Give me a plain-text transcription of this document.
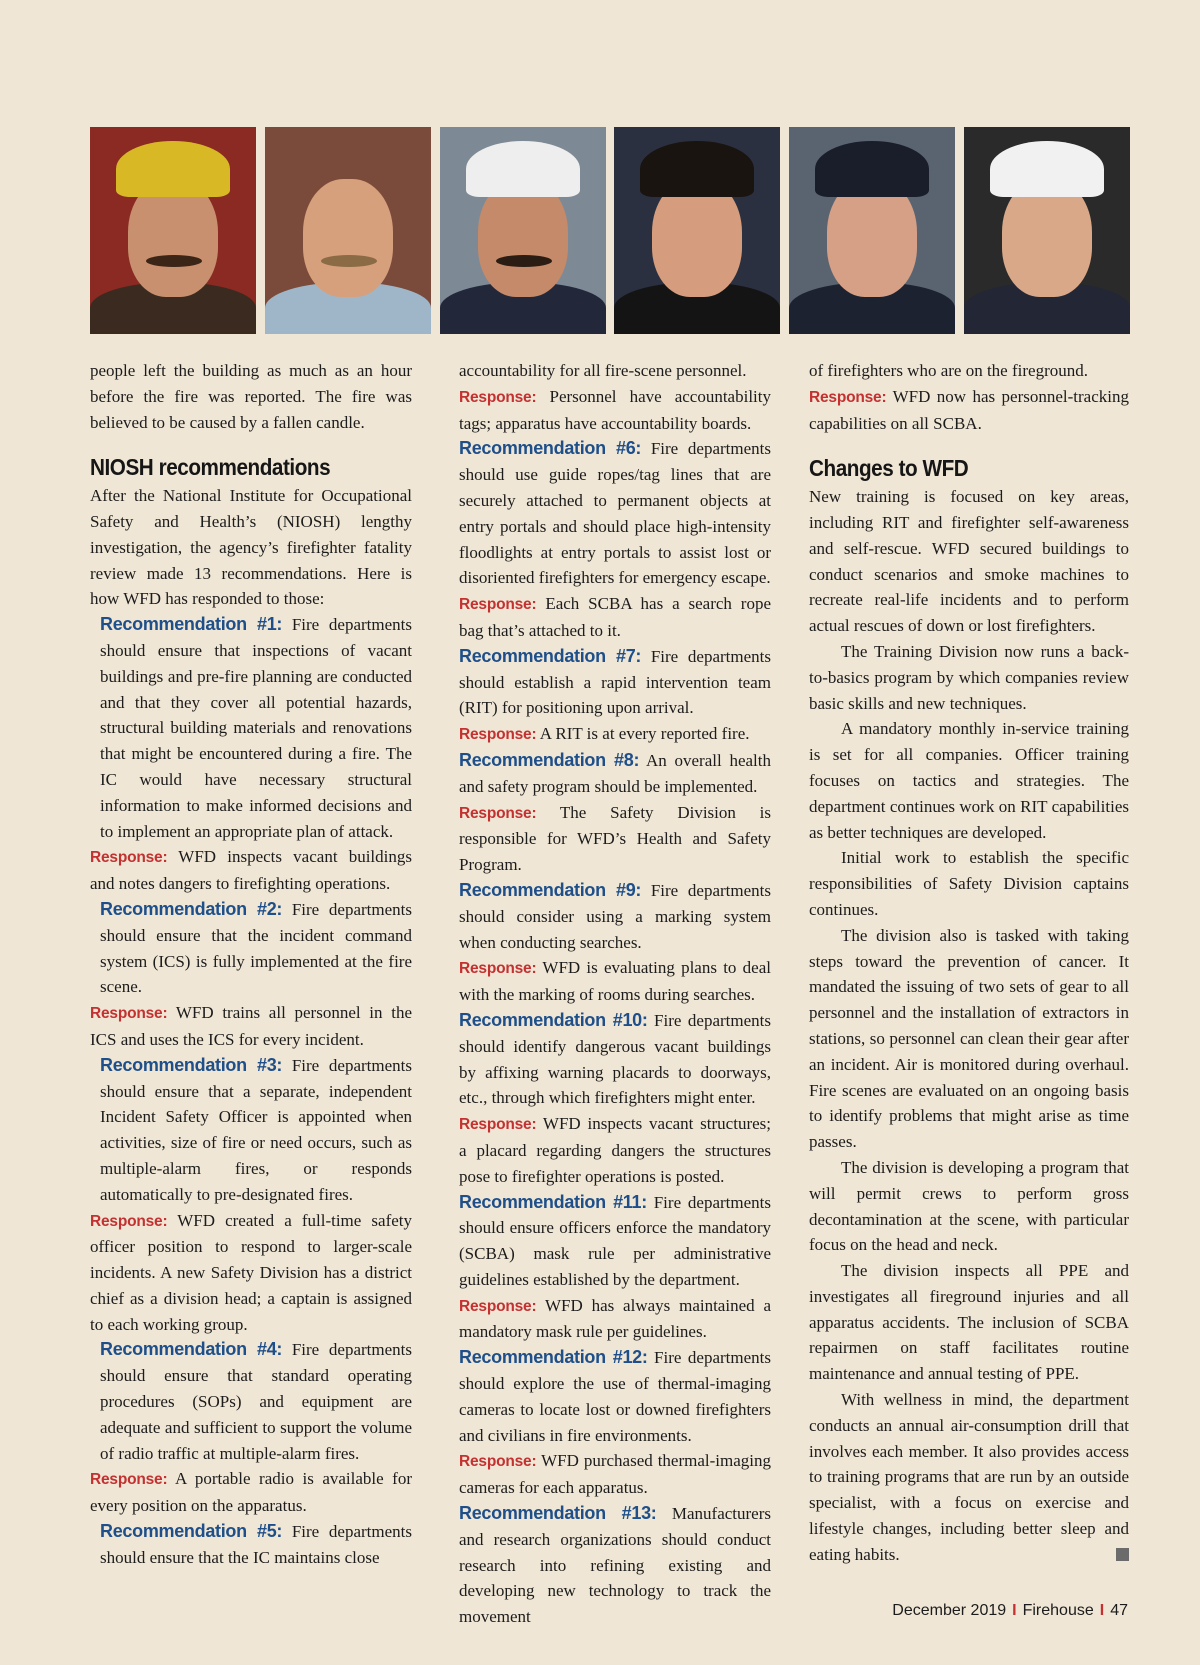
people left the building as much as an hour before the fire was reported. The fire was believed to be caused by a fallen candle.

NIOSH recommendations

After the National Institute for Occupational Safety and Health’s (NIOSH) lengthy investigation, the agency’s firefighter fatality review made 13 recommendations. Here is how WFD has responded to those:

Recommendation #1: Fire departments should ensure that inspections of vacant buildings and pre-fire planning are conducted and that they cover all potential hazards, structural building materials and renovations that might be encountered during a fire. The IC would have necessary structural information to make informed decisions and to implement an appropriate plan of attack.

Response: WFD inspects vacant buildings and notes dangers to firefighting operations.

Recommendation #2: Fire departments should ensure that the incident command system (ICS) is fully implemented at the fire scene.

Response: WFD trains all personnel in the ICS and uses the ICS for every incident.

Recommendation #3: Fire departments should ensure that a separate, independent Incident Safety Officer is appointed when activities, size of fire or need occurs, such as multiple-alarm fires, or responds automatically to pre-designated fires.

Response: WFD created a full-time safety officer position to respond to larger-scale incidents. A new Safety Division has a district chief as a division head; a captain is assigned to each working group.

Recommendation #4: Fire departments should ensure that standard operating procedures (SOPs) and equipment are adequate and sufficient to support the volume of radio traffic at multiple-alarm fires.

Response: A portable radio is available for every position on the apparatus.

Recommendation #5: Fire departments should ensure that the IC maintains close

accountability for all fire-scene personnel.

Response: Personnel have accountability tags; apparatus have accountability boards.

Recommendation #6: Fire departments should use guide ropes/tag lines that are securely attached to permanent objects at entry portals and should place high-intensity floodlights at entry portals to assist lost or disoriented firefighters for emergency escape.

Response: Each SCBA has a search rope bag that’s attached to it.

Recommendation #7: Fire departments should establish a rapid intervention team (RIT) for positioning upon arrival.

Response: A RIT is at every reported fire.

Recommendation #8: An overall health and safety program should be implemented.

Response: The Safety Division is responsible for WFD’s Health and Safety Program.

Recommendation #9: Fire departments should consider using a marking system when conducting searches.

Response: WFD is evaluating plans to deal with the marking of rooms during searches.

Recommendation #10: Fire departments should identify dangerous vacant buildings by affixing warning placards to doorways, etc., through which firefighters might enter.

Response: WFD inspects vacant structures; a placard regarding dangers the structures pose to firefighter operations is posted.

Recommendation #11: Fire departments should ensure officers enforce the mandatory (SCBA) mask rule per administrative guidelines established by the department.

Response: WFD has always maintained a mandatory mask rule per guidelines.

Recommendation #12: Fire departments should explore the use of thermal-imaging cameras to locate lost or downed firefighters and civilians in fire environments.

Response: WFD purchased thermal-imaging cameras for each apparatus.

Recommendation #13: Manufacturers and research organizations should conduct research into refining existing and developing new technology to track the movement

of firefighters who are on the fireground.

Response: WFD now has personnel-tracking capabilities on all SCBA.

Changes to WFD

New training is focused on key areas, including RIT and firefighter self-awareness and self-rescue. WFD secured buildings to conduct scenarios and smoke machines to recreate real-life incidents and to perform actual rescues of down or lost firefighters.

The Training Division now runs a back-to-basics program by which companies review basic skills and new techniques.

A mandatory monthly in-service training is set for all companies. Officer training focuses on tactics and strategies. The department continues work on RIT capabilities as better techniques are developed.

Initial work to establish the specific responsibilities of Safety Division captains continues.

The division also is tasked with taking steps toward the prevention of cancer. It mandated the issuing of two sets of gear to all personnel and the installation of extractors in stations, so personnel can clean their gear after an incident. Air is monitored during overhaul. Fire scenes are evaluated on an ongoing basis to identify problems that might arise as time passes.

The division is developing a program that will permit crews to perform gross decontamination at the scene, with particular focus on the head and neck.

The division inspects all PPE and investigates all fireground injuries and all apparatus accidents. The inclusion of SCBA repairmen on staff facilitates routine maintenance and annual testing of PPE.

With wellness in mind, the department conducts an annual air-consumption drill that involves each member. It also provides access to training programs that are run by an outside specialist, with a focus on exercise and lifestyle changes, including better sleep and eating habits.

December 2019 I Firehouse I 47
